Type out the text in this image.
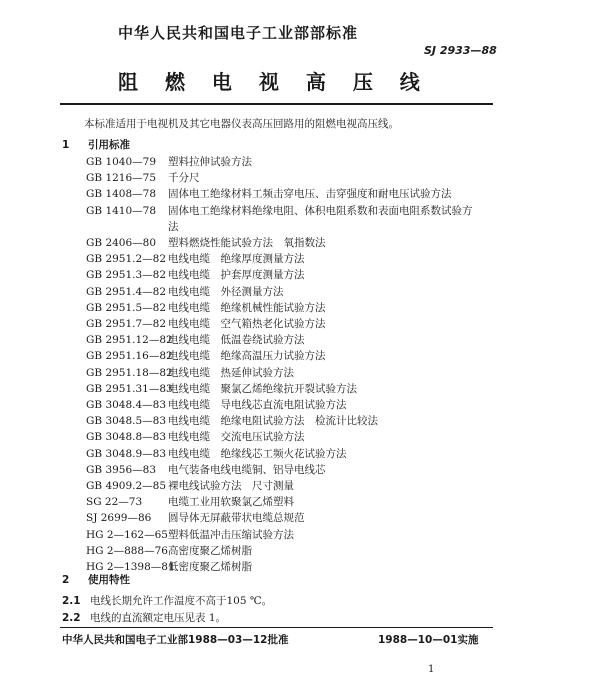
中华人民共和国电子工业部部标准
SJ 2933—88
阻 燃 电 视 高 压 线
本标准适用于电视机及其它电器仪表高压回路用的阻燃电视高压线。
1 引用标准
GB 1040—79 塑料拉伸试验方法
GB 1216—75 千分尺
GB 1408—78 固体电工绝缘材料工频击穿电压、击穿强度和耐电压试验方法
GB 1410—78 固体电工绝缘材料绝缘电阻、体积电阻系数和表面电阻系数试验方
法
GB 2406—80 塑料燃烧性能试验方法　氧指数法
GB 2951.2—82 电线电缆　绝缘厚度测量方法
GB 2951.3—82 电线电缆　护套厚度测量方法
GB 2951.4—82 电线电缆　外径测量方法
GB 2951.5—82 电线电缆　绝缘机械性能试验方法
GB 2951.7—82 电线电缆　空气箱热老化试验方法
GB 2951.12—82电线电缆　低温卷绕试验方法
GB 2951.16—82电线电缆　绝缘高温压力试验方法
GB 2951.18—82电线电缆　热延伸试验方法
GB 2951.31—83电线电缆　聚氯乙烯绝缘抗开裂试验方法
GB 3048.4—83 电线电缆　导电线芯直流电阻试验方法
GB 3048.5—83 电线电缆　绝缘电阻试验方法　检流计比较法
GB 3048.8—83 电线电缆　交流电压试验方法
GB 3048.9—83 电线电缆　绝缘线芯工频火花试验方法
GB 3956—83 电气装备电线电缆铜、铝导电线芯
GB 4909.2—85 裸电线试验方法　尺寸测量
SG 22—73 电缆工业用软聚氯乙烯塑料
SJ 2699—86 圆导体无屏蔽带状电缆总规范
HG 2—162—65塑料低温冲击压缩试验方法
HG 2—888—76高密度聚乙烯树脂
HG 2—1398—81低密度聚乙烯树脂
2 使用特性
2.1 电线长期允许工作温度不高于105 ℃。
2.2 电线的直流额定电压见表 1。
中华人民共和国电子工业部1988—03—12批准	1988—10—01实施
1
